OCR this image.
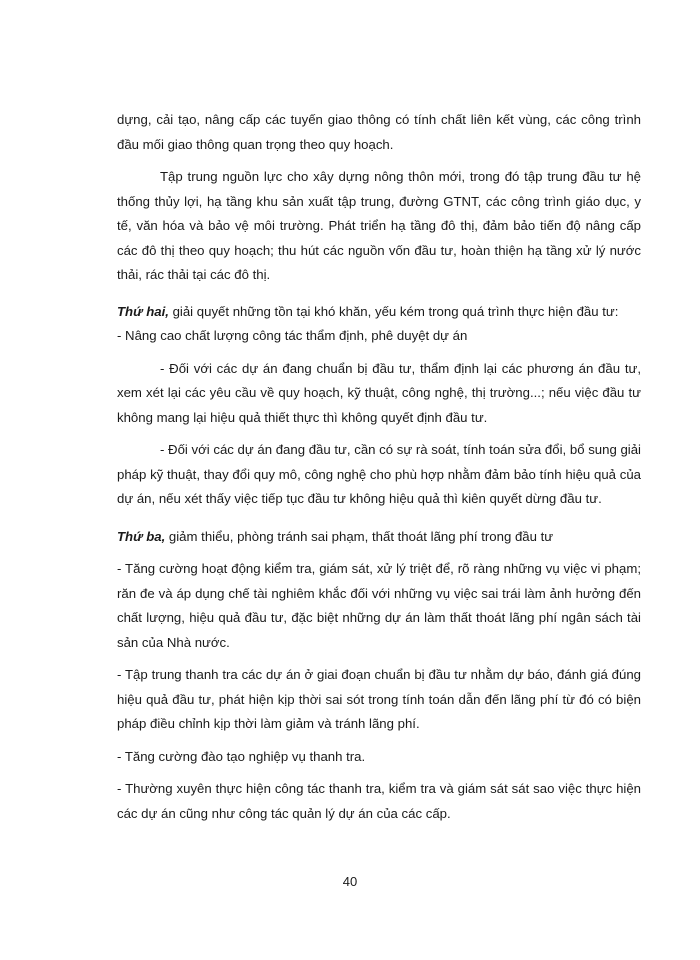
dựng, cải tạo, nâng cấp các tuyến giao thông có tính chất liên kết vùng, các công trình đầu mối giao thông quan trọng theo quy hoạch.

Tập trung nguồn lực cho xây dựng nông thôn mới, trong đó tập trung đầu tư hệ thống thủy lợi, hạ tầng khu sản xuất tập trung, đường GTNT, các công trình giáo dục, y tế, văn hóa và bảo vệ môi trường. Phát triển hạ tầng đô thị, đảm bảo tiến độ nâng cấp các đô thị theo quy hoạch; thu hút các nguồn vốn đầu tư, hoàn thiện hạ tầng xử lý nước thải, rác thải tại các đô thị.

Thứ hai, giải quyết những tồn tại khó khăn, yếu kém trong quá trình thực hiện đầu tư:

- Nâng cao chất lượng công tác thẩm định, phê duyệt dự án

- Đối với các dự án đang chuẩn bị đầu tư, thẩm định lại các phương án đầu tư, xem xét lại các yêu cầu về quy hoạch, kỹ thuật, công nghệ, thị trường...; nếu việc đầu tư không mang lại hiệu quả thiết thực thì không quyết định đầu tư.

- Đối với các dự án đang đầu tư, cần có sự rà soát, tính toán sửa đổi, bổ sung giải pháp kỹ thuật, thay đổi quy mô, công nghệ cho phù hợp nhằm đảm bảo tính hiệu quả của dự án, nếu xét thấy việc tiếp tục đầu tư không hiệu quả thì kiên quyết dừng đầu tư.

Thứ ba, giảm thiểu, phòng tránh sai phạm, thất thoát lãng phí trong đầu tư

- Tăng cường hoạt động kiểm tra, giám sát, xử lý triệt để, rõ ràng những vụ việc vi phạm; răn đe và áp dụng chế tài nghiêm khắc đối với những vụ việc sai trái làm ảnh hưởng đến chất lượng, hiệu quả đầu tư, đặc biệt những dự án làm thất thoát lãng phí ngân sách tài sản của Nhà nước.

- Tập trung thanh tra các dự án ở giai đoạn chuẩn bị đầu tư nhằm dự báo, đánh giá đúng hiệu quả đầu tư, phát hiện kịp thời sai sót trong tính toán dẫn đến lãng phí từ đó có biện pháp điều chỉnh kịp thời làm giảm và tránh lãng phí.

- Tăng cường đào tạo nghiệp vụ thanh tra.

- Thường xuyên thực hiện công tác thanh tra, kiểm tra và giám sát sát sao việc thực hiện các dự án cũng như công tác quản lý dự án của các cấp.

40
